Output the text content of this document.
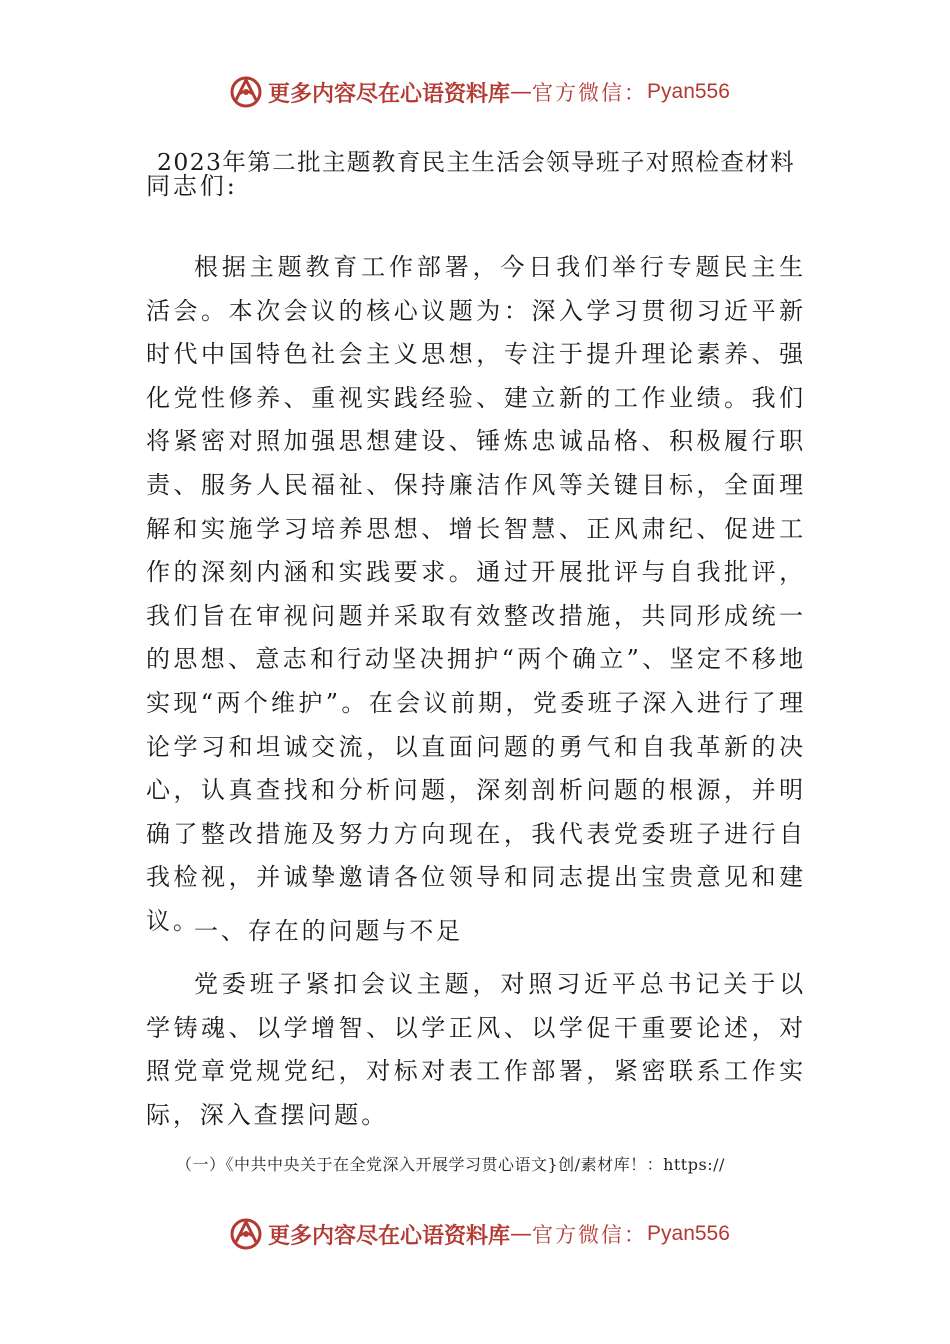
更多内容尽在心语资料库 — 官方微信： Pyan556
2023年第二批主题教育民主生活会领导班子对照检查材料

同志们:

根据主题教育工作部署，今日我们举行专题民主生活会。本次会议的核心议题为：深入学习贯彻习近平新时代中国特色社会主义思想，专注于提升理论素养、强化党性修养、重视实践经验、建立新的工作业绩。我们将紧密对照加强思想建设、锤炼忠诚品格、积极履行职责、服务人民福祉、保持廉洁作风等关键目标，全面理解和实施学习培养思想、增长智慧、正风肃纪、促进工作的深刻内涵和实践要求。通过开展批评与自我批评，我们旨在审视问题并采取有效整改措施，共同形成统一的思想、意志和行动坚决拥护“两个确立”、坚定不移地实现“两个维护”。在会议前期，党委班子深入进行了理论学习和坦诚交流，以直面问题的勇气和自我革新的决心，认真查找和分析问题，深刻剖析问题的根源，并明确了整改措施及努力方向现在，我代表党委班子进行自我检视，并诚挚邀请各位领导和同志提出宝贵意见和建议。

一、存在的问题与不足

党委班子紧扣会议主题，对照习近平总书记关于以学铸魂、以学增智、以学正风、以学促干重要论述，对照党章党规党纪，对标对表工作部署，紧密联系工作实际，深入查摆问题。

（一）《中共中央关于在全党深入开展学习贯心语文}创/素材库！：https://
更多内容尽在心语资料库 — 官方微信： Pyan556
